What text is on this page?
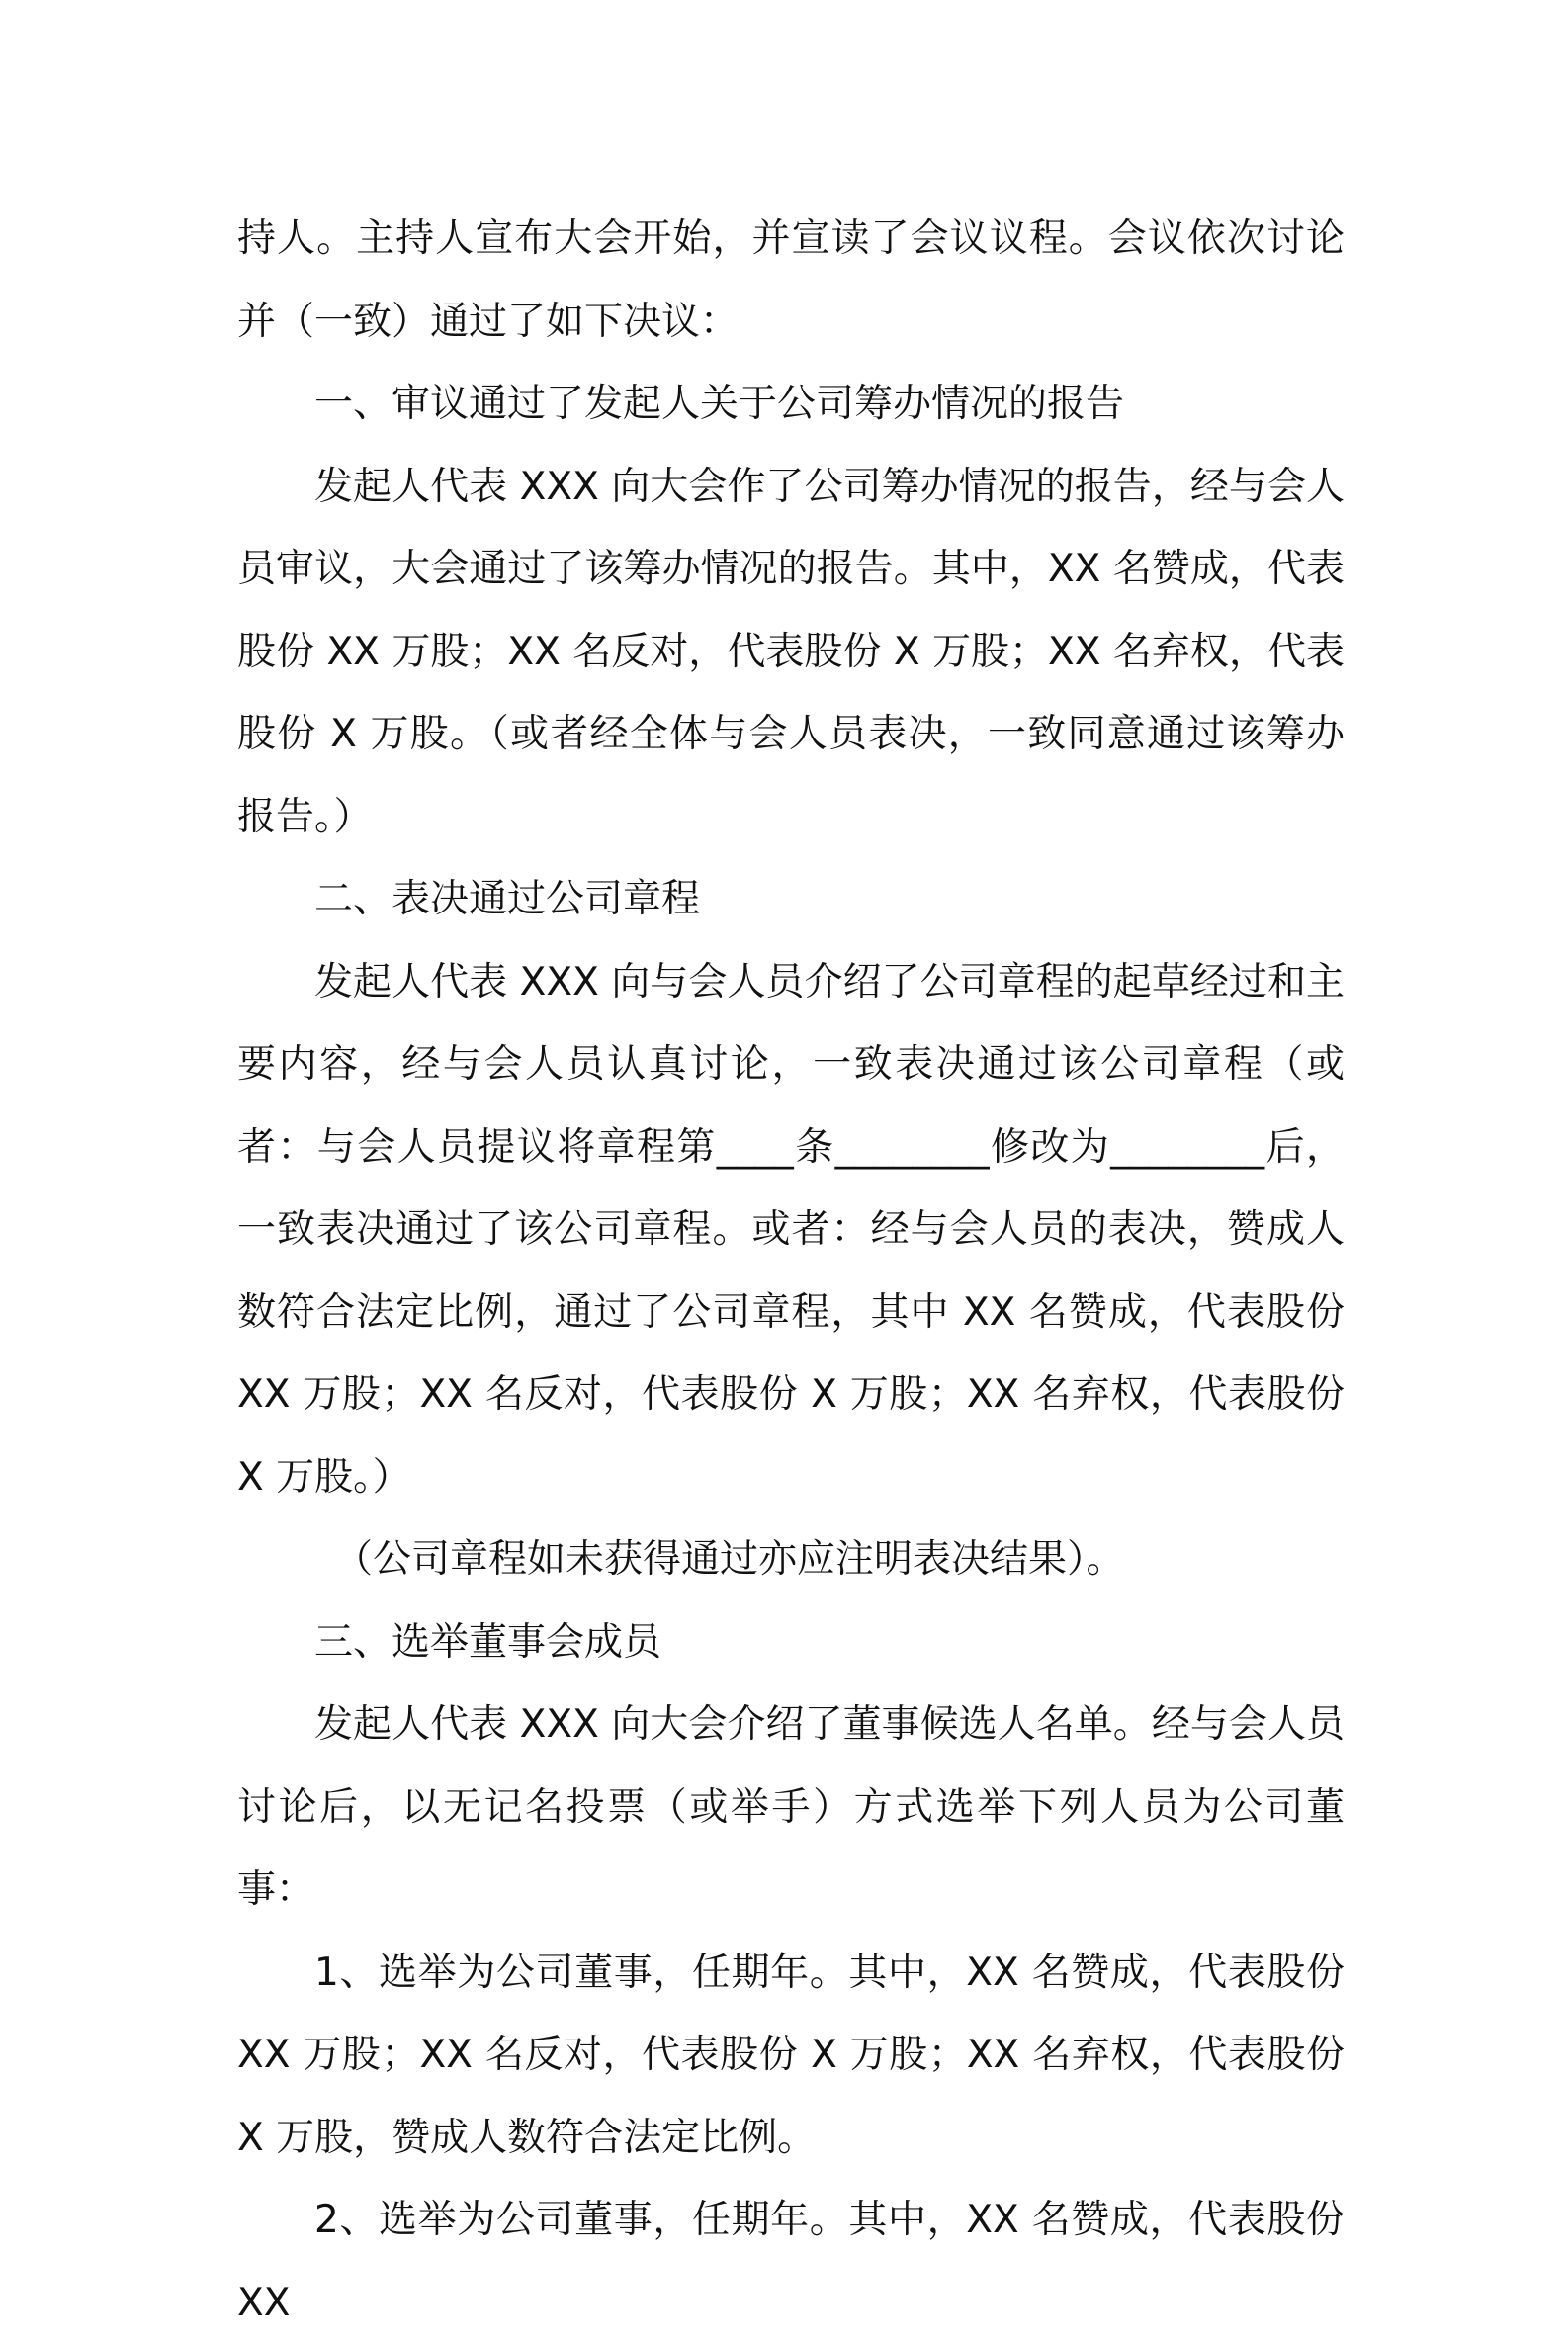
持人。主持人宣布大会开始，并宣读了会议议程。会议依次讨论并（一致）通过了如下决议：

一、审议通过了发起人关于公司筹办情况的报告

发起人代表 XXX 向大会作了公司筹办情况的报告，经与会人员审议，大会通过了该筹办情况的报告。其中，XX 名赞成，代表股份 XX 万股；XX 名反对，代表股份 X 万股；XX 名弃权，代表股份 X 万股。（或者经全体与会人员表决，一致同意通过该筹办报告。）

二、表决通过公司章程

发起人代表 XXX 向与会人员介绍了公司章程的起草经过和主要内容，经与会人员认真讨论，一致表决通过该公司章程（或者：与会人员提议将章程第____条________修改为________后，一致表决通过了该公司章程。或者：经与会人员的表决，赞成人数符合法定比例，通过了公司章程，其中 XX 名赞成，代表股份 XX 万股；XX 名反对，代表股份 X 万股；XX 名弃权，代表股份 X 万股。）

（公司章程如未获得通过亦应注明表决结果）。

三、选举董事会成员

发起人代表 XXX 向大会介绍了董事候选人名单。经与会人员讨论后，以无记名投票（或举手）方式选举下列人员为公司董事：

1、选举为公司董事，任期年。其中，XX 名赞成，代表股份 XX 万股；XX 名反对，代表股份 X 万股；XX 名弃权，代表股份 X 万股，赞成人数符合法定比例。

2、选举为公司董事，任期年。其中，XX 名赞成，代表股份 XX
